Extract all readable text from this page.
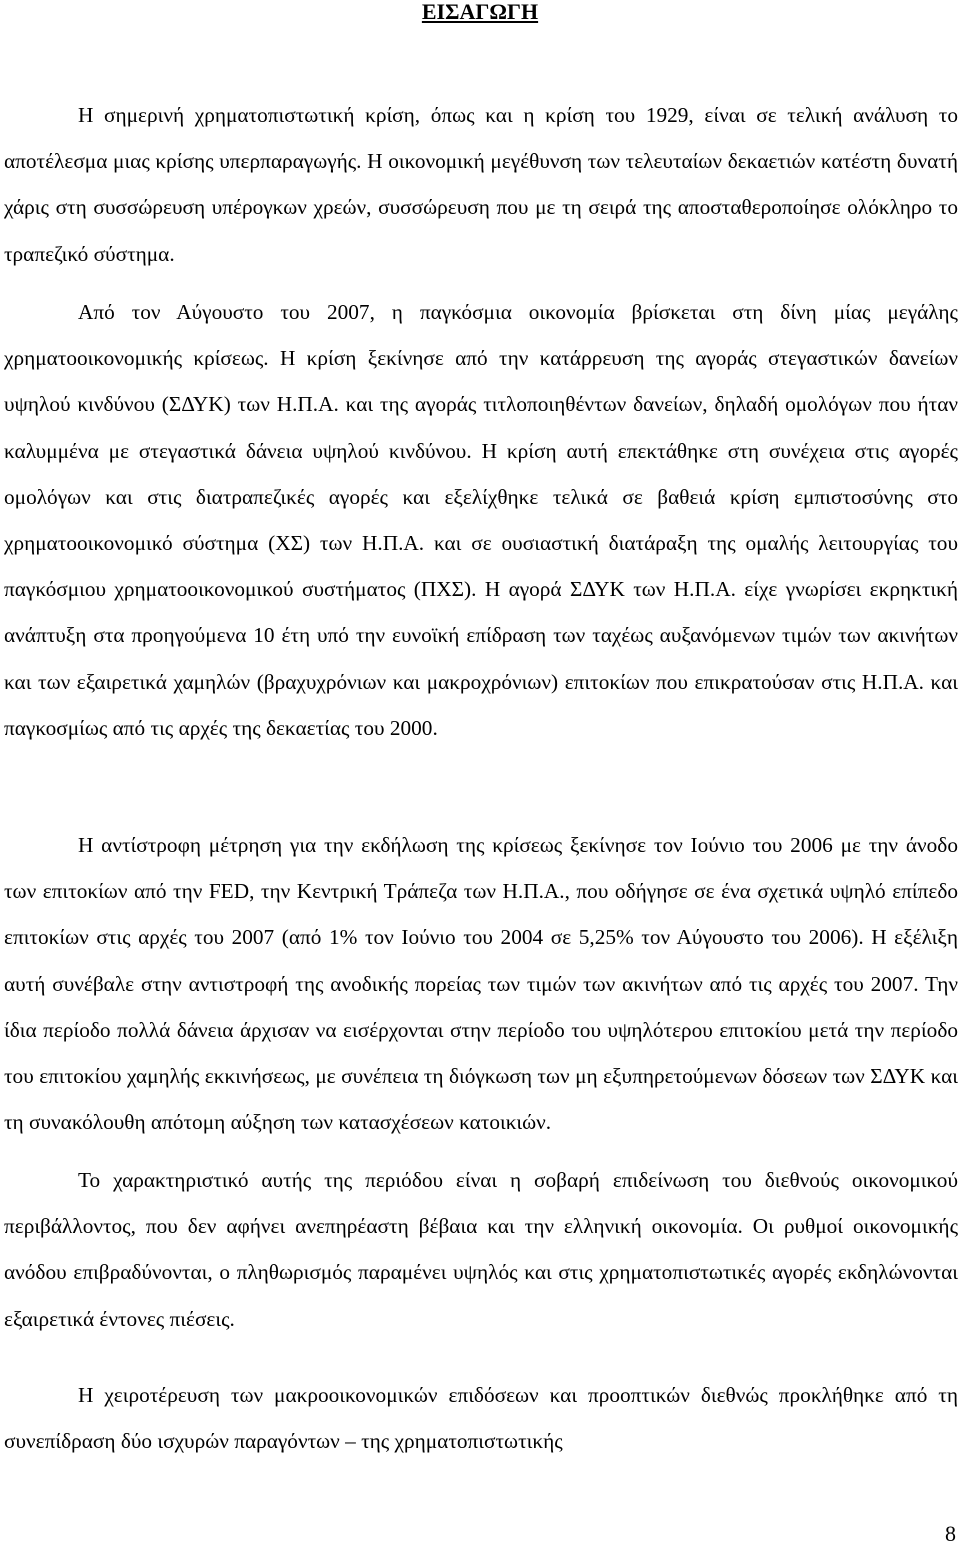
ΕΙΣΑΓΩΓΗ

Η σημερινή χρηματοπιστωτική κρίση, όπως και η κρίση του 1929, είναι σε τελική ανάλυση το αποτέλεσμα μιας κρίσης υπερπαραγωγής. Η οικονομική μεγέθυνση των τελευταίων δεκαετιών κατέστη δυνατή χάρις στη συσσώρευση υπέρογκων χρεών, συσσώρευση που με τη σειρά της αποσταθεροποίησε ολόκληρο το τραπεζικό σύστημα.

Από τον Αύγουστο του 2007, η παγκόσμια οικονομία βρίσκεται στη δίνη μίας μεγάλης χρηματοοικονομικής κρίσεως. Η κρίση ξεκίνησε από την κατάρρευση της αγοράς στεγαστικών δανείων υψηλού κινδύνου (ΣΔΥΚ) των Η.Π.Α. και της αγοράς τιτλοποιηθέντων δανείων, δηλαδή ομολόγων που ήταν καλυμμένα με στεγαστικά δάνεια υψηλού κινδύνου. Η κρίση αυτή επεκτάθηκε στη συνέχεια στις αγορές ομολόγων και στις διατραπεζικές αγορές και εξελίχθηκε τελικά σε βαθειά κρίση εμπιστοσύνης στο χρηματοοικονομικό σύστημα (ΧΣ) των Η.Π.Α. και σε ουσιαστική διατάραξη της ομαλής λειτουργίας του παγκόσμιου χρηματοοικονομικού συστήματος (ΠΧΣ). Η αγορά ΣΔΥΚ των Η.Π.Α. είχε γνωρίσει εκρηκτική ανάπτυξη στα προηγούμενα 10 έτη υπό την ευνοϊκή επίδραση των ταχέως αυξανόμενων τιμών των ακινήτων και των εξαιρετικά χαμηλών (βραχυχρόνιων και μακροχρόνιων) επιτοκίων που επικρατούσαν στις Η.Π.Α. και παγκοσμίως από τις αρχές της δεκαετίας του 2000.

Η αντίστροφη μέτρηση για την εκδήλωση της κρίσεως ξεκίνησε τον Ιούνιο του 2006 με την άνοδο των επιτοκίων από την FED, την Κεντρική Τράπεζα των Η.Π.Α., που οδήγησε σε ένα σχετικά υψηλό επίπεδο επιτοκίων στις αρχές του 2007 (από 1% τον Ιούνιο του 2004 σε 5,25% τον Αύγουστο του 2006). Η εξέλιξη αυτή συνέβαλε στην αντιστροφή της ανοδικής πορείας των τιμών των ακινήτων από τις αρχές του 2007. Την ίδια περίοδο πολλά δάνεια άρχισαν να εισέρχονται στην περίοδο του υψηλότερου επιτοκίου μετά την περίοδο του επιτοκίου χαμηλής εκκινήσεως, με συνέπεια τη διόγκωση των μη εξυπηρετούμενων δόσεων των ΣΔΥΚ και τη συνακόλουθη απότομη αύξηση των κατασχέσεων κατοικιών.

Το χαρακτηριστικό αυτής της περιόδου είναι η σοβαρή επιδείνωση του διεθνούς οικονομικού περιβάλλοντος, που δεν αφήνει ανεπηρέαστη βέβαια και την ελληνική οικονομία. Οι ρυθμοί οικονομικής ανόδου επιβραδύνονται, ο πληθωρισμός παραμένει υψηλός και στις χρηματοπιστωτικές αγορές εκδηλώνονται εξαιρετικά έντονες πιέσεις.

Η χειροτέρευση των μακροοικονομικών επιδόσεων και προοπτικών διεθνώς προκλήθηκε από τη συνεπίδραση δύο ισχυρών παραγόντων – της χρηματοπιστωτικής

8
